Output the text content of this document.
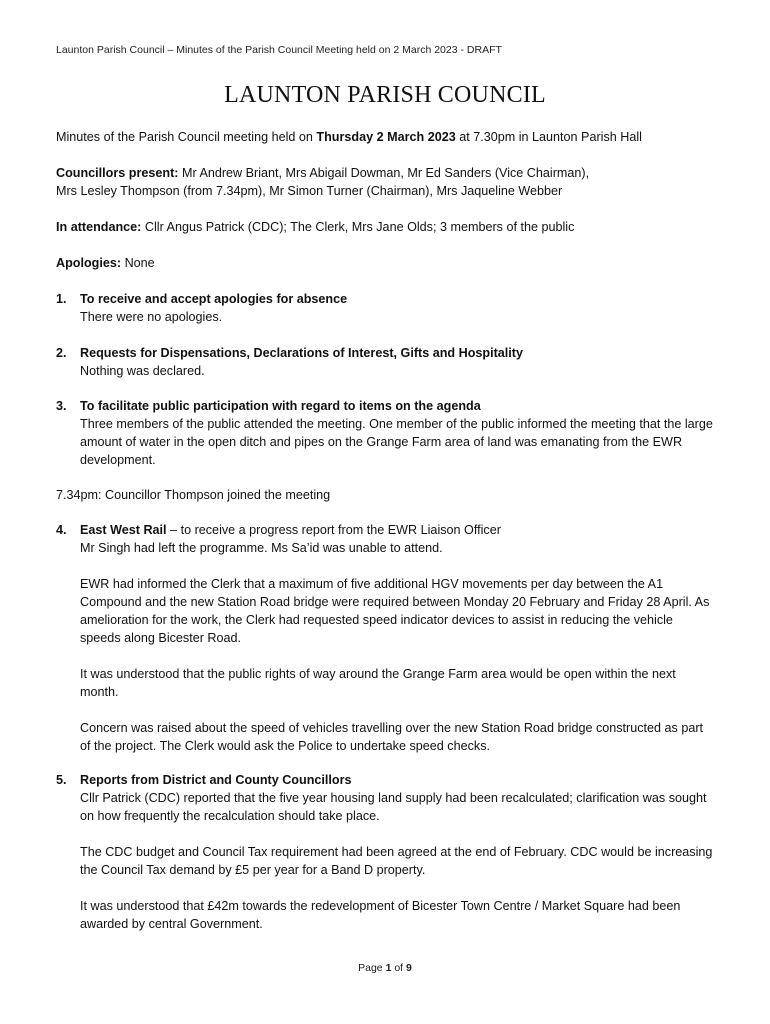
Launton Parish Council – Minutes of the Parish Council Meeting held on 2 March 2023 - DRAFT
LAUNTON PARISH COUNCIL

Minutes of the Parish Council meeting held on Thursday 2 March 2023 at 7.30pm in Launton Parish Hall

Councillors present: Mr Andrew Briant, Mrs Abigail Dowman, Mr Ed Sanders (Vice Chairman),

Mrs Lesley Thompson (from 7.34pm), Mr Simon Turner (Chairman), Mrs Jaqueline Webber

In attendance: Cllr Angus Patrick (CDC); The Clerk, Mrs Jane Olds; 3 members of the public

Apologies: None

1.	To receive and accept apologies for absence

There were no apologies.

2.	Requests for Dispensations, Declarations of Interest, Gifts and Hospitality

Nothing was declared.

3.	To facilitate public participation with regard to items on the agenda

Three members of the public attended the meeting. One member of the public informed the meeting that the large amount of water in the open ditch and pipes on the Grange Farm area of land was emanating from the EWR development.

7.34pm: Councillor Thompson joined the meeting

4.	East West Rail – to receive a progress report from the EWR Liaison Officer

Mr Singh had left the programme. Ms Sa’id was unable to attend.

EWR had informed the Clerk that a maximum of five additional HGV movements per day between the A1 Compound and the new Station Road bridge were required between Monday 20 February and Friday 28 April. As amelioration for the work, the Clerk had requested speed indicator devices to assist in reducing the vehicle speeds along Bicester Road.

It was understood that the public rights of way around the Grange Farm area would be open within the next month.

Concern was raised about the speed of vehicles travelling over the new Station Road bridge constructed as part of the project. The Clerk would ask the Police to undertake speed checks.

5.	Reports from District and County Councillors

Cllr Patrick (CDC) reported that the five year housing land supply had been recalculated; clarification was sought on how frequently the recalculation should take place.

The CDC budget and Council Tax requirement had been agreed at the end of February. CDC would be increasing the Council Tax demand by £5 per year for a Band D property.

It was understood that £42m towards the redevelopment of Bicester Town Centre / Market Square had been awarded by central Government.

Page 1 of 9
